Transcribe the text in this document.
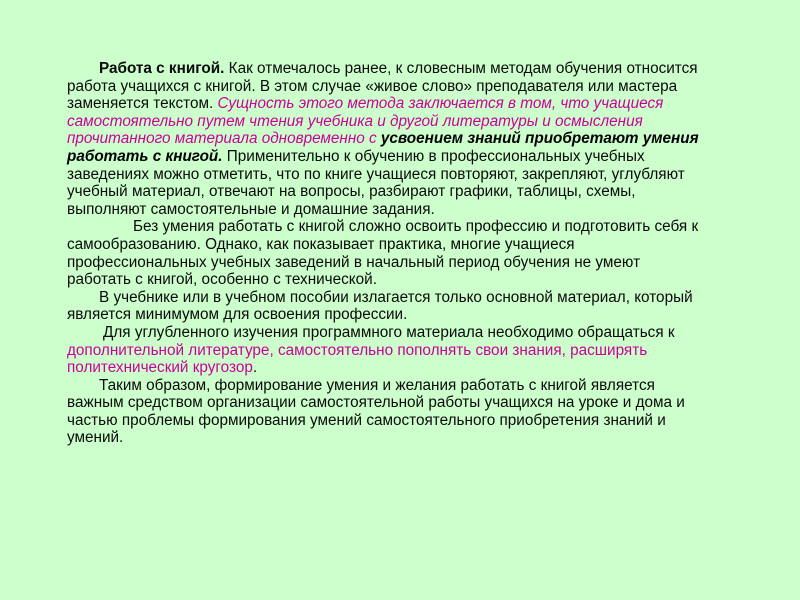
Работа с книгой. Как отмечалось ранее, к словесным методам обучения относится работа учащихся с книгой. В этом случае «живое слово» преподавателя или мастера заменяется текстом. Сущность этого метода заключается в том, что учащиеся самостоятельно путем чтения учебника и другой литературы и осмысления прочитанного материала одновременно с усвоением знаний приобретают умения работать с книгой. Применительно к обучению в профессиональных учебных заведениях можно отметить, что по книге учащиеся повторяют, закрепляют, углубляют учебный материал, отвечают на вопросы, разбирают графики, таблицы, схемы, выполняют самостоятельные и домашние задания.

Без умения работать с книгой сложно освоить профессию и подготовить себя к самообразованию. Однако, как показывает практика, многие учащиеся профессиональных учебных заведений в начальный период обучения не умеют работать с книгой, особенно с технической.

В учебнике или в учебном пособии излагается только основной материал, который является минимумом для освоения профессии.

Для углубленного изучения программного материала необходимо обращаться к дополнительной литературе, самостоятельно пополнять свои знания, расширять политехнический кругозор.

Таким образом, формирование умения и желания работать с книгой является важным средством организации самостоятельной работы учащихся на уроке и дома и частью проблемы формирования умений самостоятельного приобретения знаний и умений.
